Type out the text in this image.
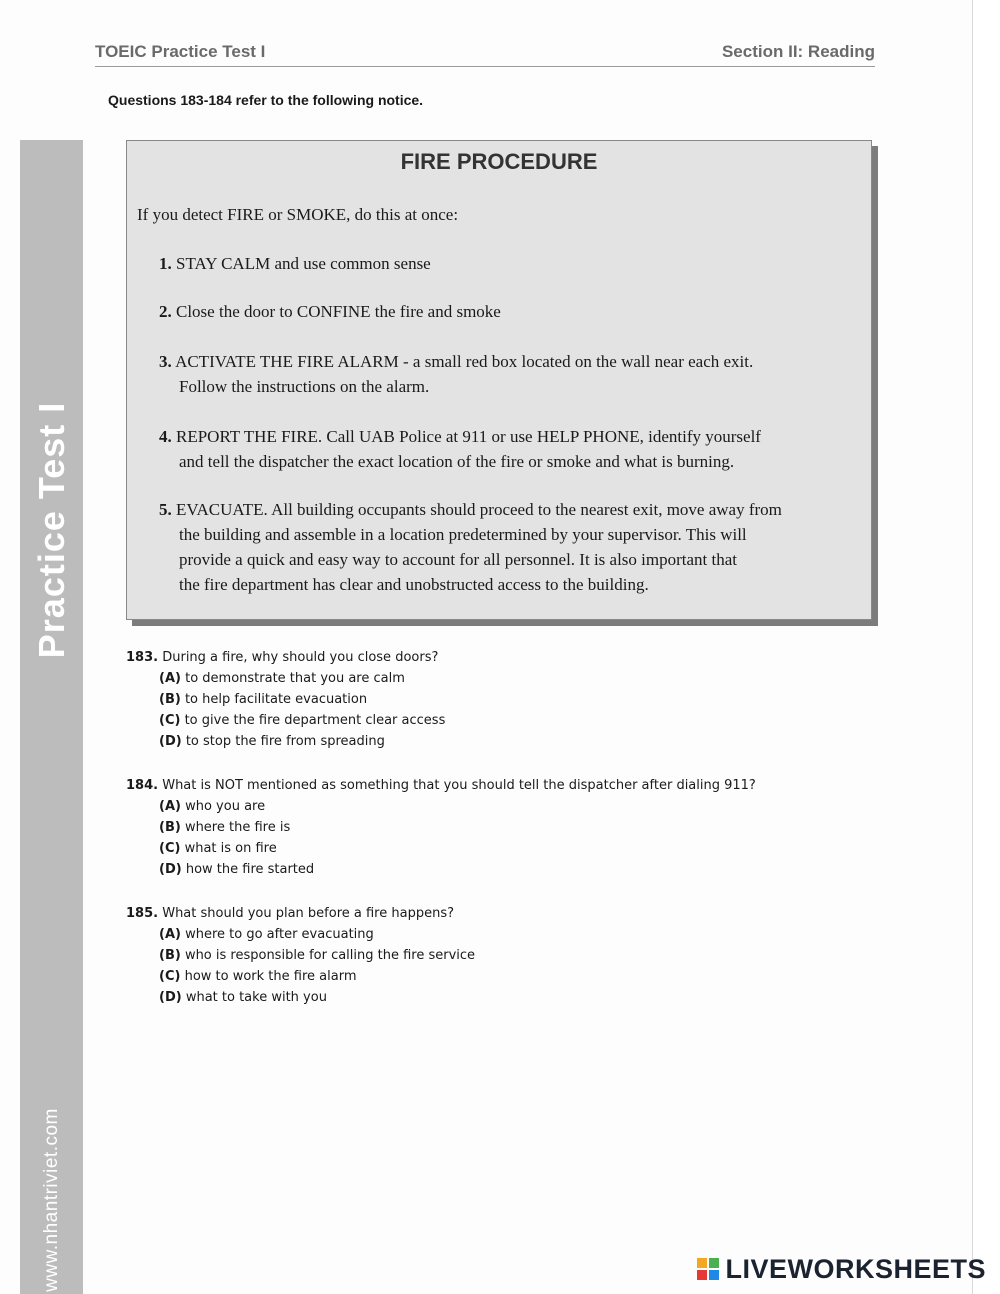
Practice Test I
www.nhantriviet.com
TOEIC Practice Test I	Section II: Reading
Questions 183-184 refer to the following notice.
FIRE PROCEDURE
If you detect FIRE or SMOKE, do this at once:
1. STAY CALM and use common sense
2. Close the door to CONFINE the fire and smoke
3. ACTIVATE THE FIRE ALARM - a small red box located on the wall near each exit.
Follow the instructions on the alarm.
4. REPORT THE FIRE. Call UAB Police at 911 or use HELP PHONE, identify yourself
and tell the dispatcher the exact location of the fire or smoke and what is burning.
5. EVACUATE. All building occupants should proceed to the nearest exit, move away from
the building and assemble in a location predetermined by your supervisor. This will
provide a quick and easy way to account for all personnel. It is also important that
the fire department has clear and unobstructed access to the building.
183. During a fire, why should you close doors?
(A) to demonstrate that you are calm
(B) to help facilitate evacuation
(C) to give the fire department clear access
(D) to stop the fire from spreading
184. What is NOT mentioned as something that you should tell the dispatcher after dialing 911?
(A) who you are
(B) where the fire is
(C) what is on fire
(D) how the fire started
185. What should you plan before a fire happens?
(A) where to go after evacuating
(B) who is responsible for calling the fire service
(C) how to work the fire alarm
(D) what to take with you
LIVEWORKSHEETS
